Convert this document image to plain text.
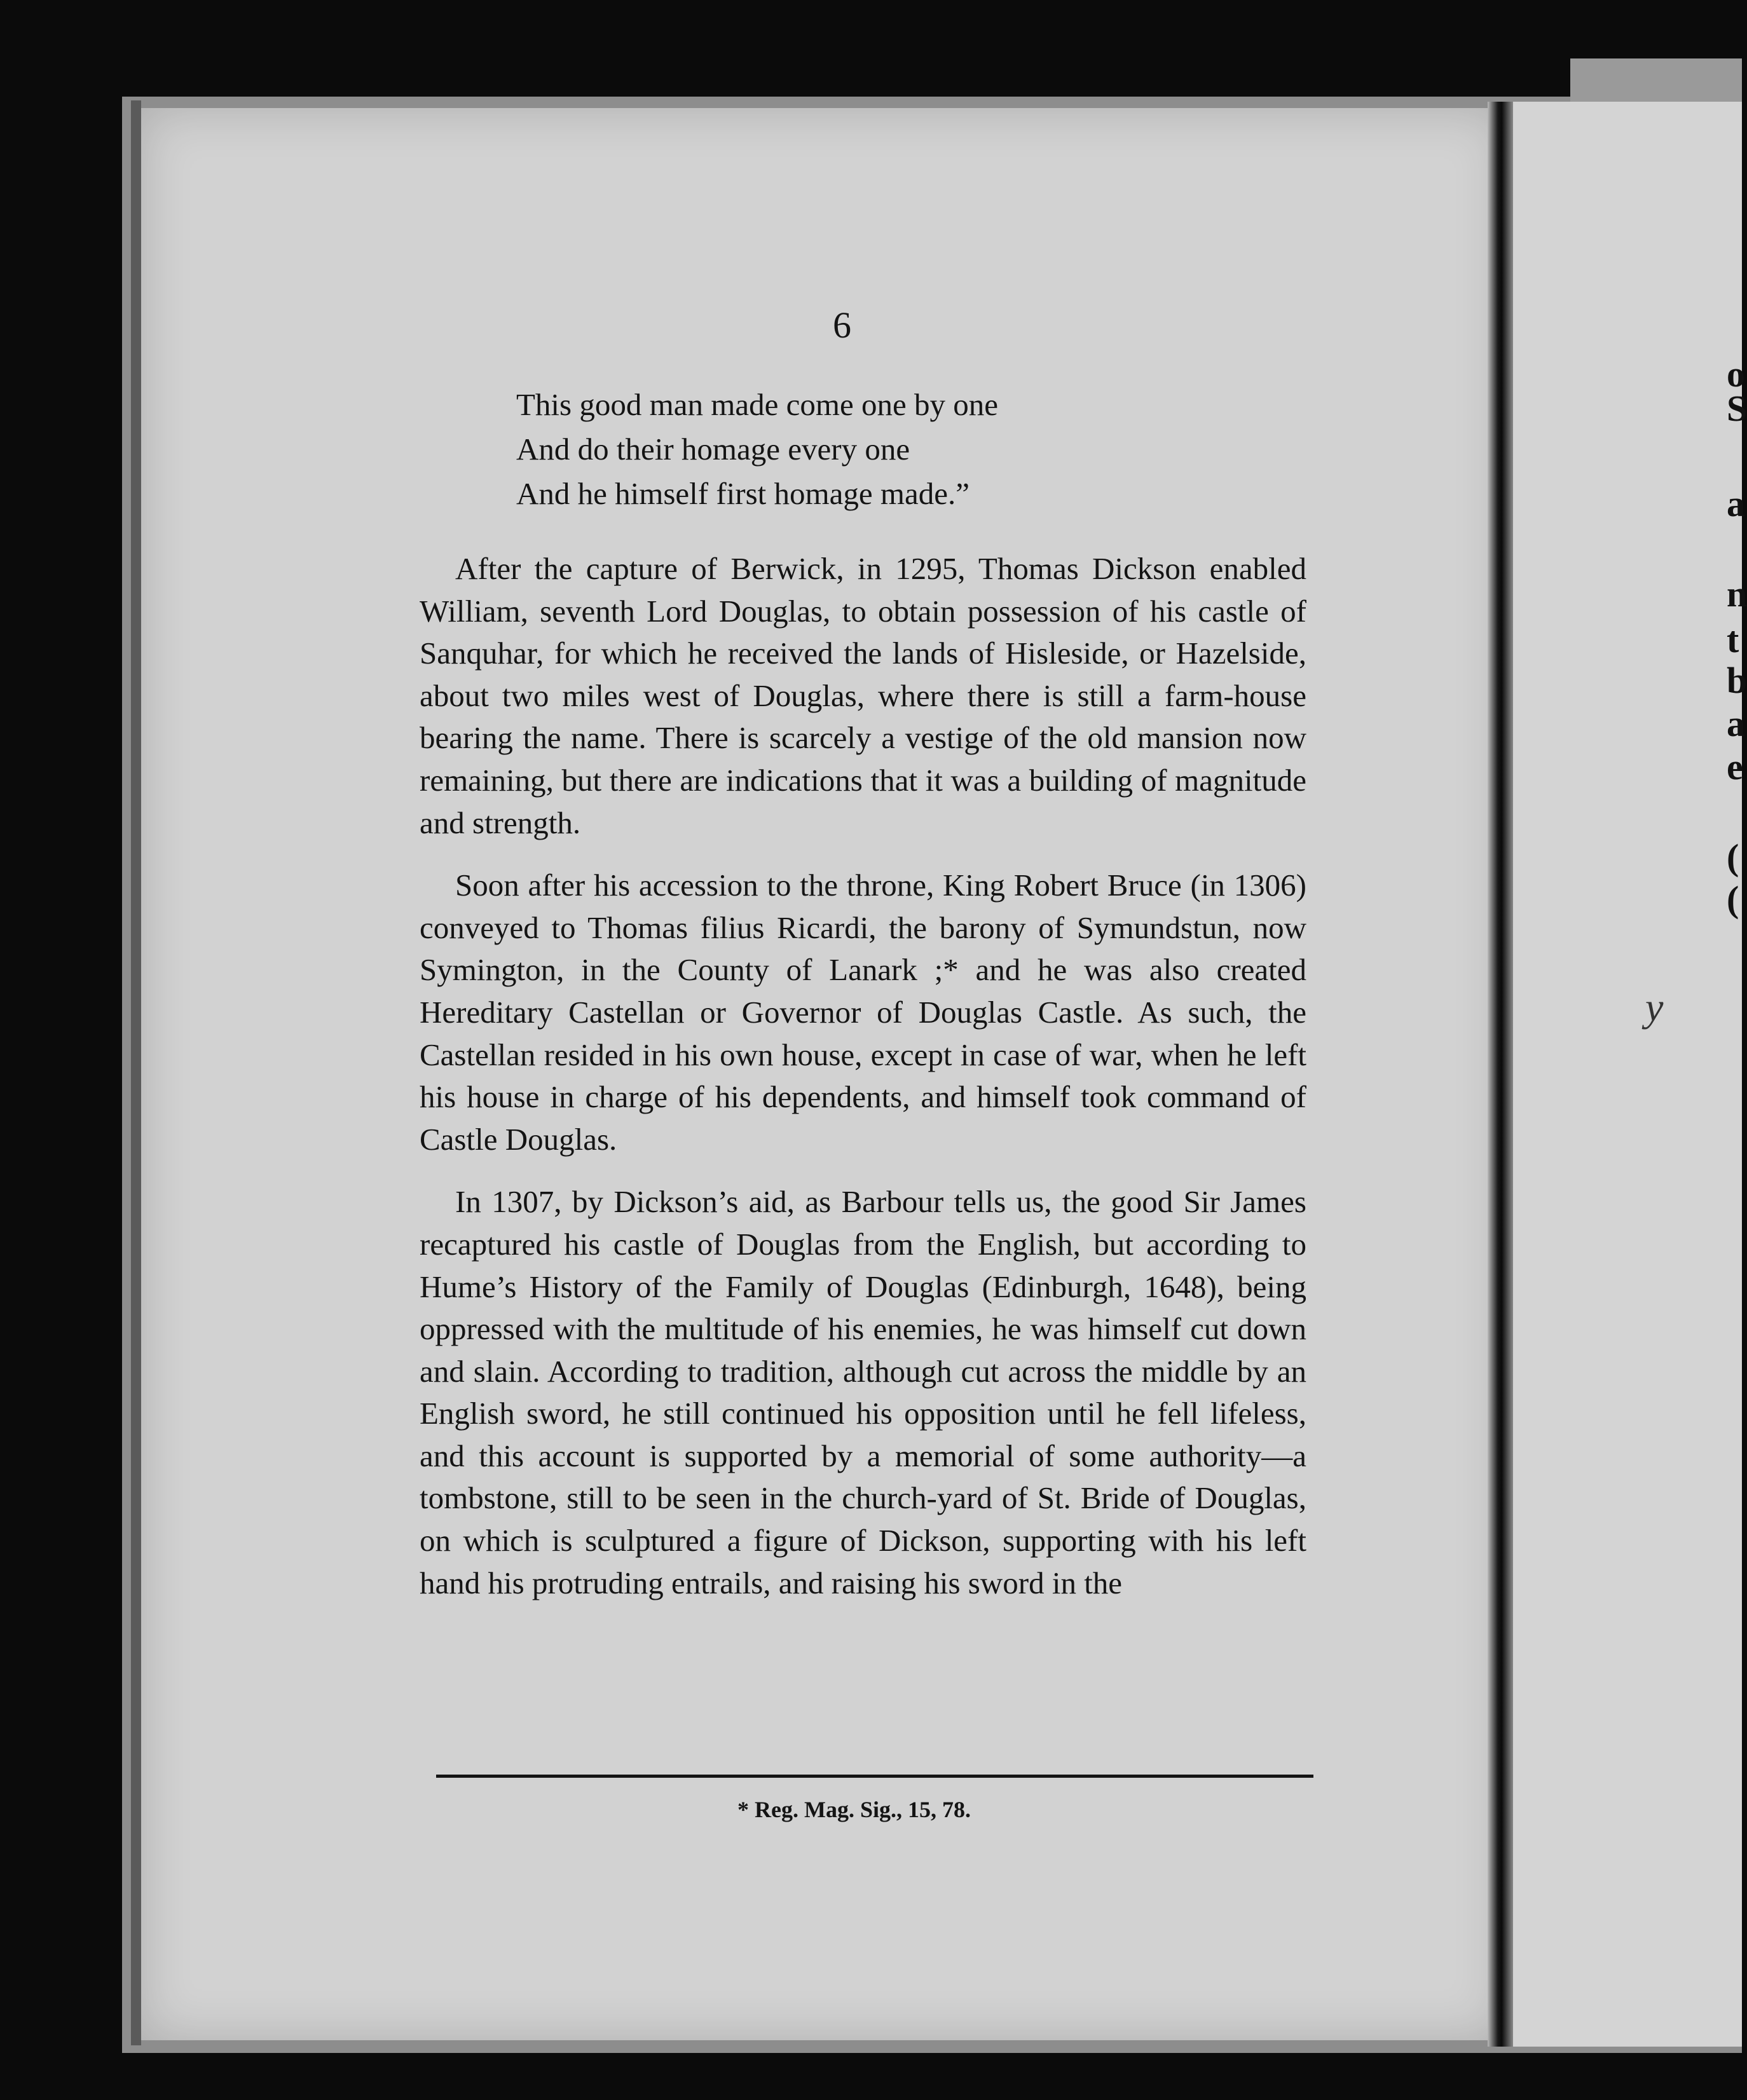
o
S
a
n
t
b
a
e
(
(
y
6
This good man made come one by one
And do their homage every one
And he himself first homage made.”

After the capture of Berwick, in 1295, Thomas Dickson enabled William, seventh Lord Douglas, to obtain possession of his castle of Sanquhar, for which he received the lands of Hisleside, or Hazelside, about two miles west of Douglas, where there is still a farm-house bearing the name. There is scarcely a vestige of the old mansion now remaining, but there are indications that it was a building of magnitude and strength.

Soon after his accession to the throne, King Robert Bruce (in 1306) conveyed to Thomas filius Ricardi, the barony of Symundstun, now Symington, in the County of Lanark ;* and he was also created Hereditary Castellan or Governor of Douglas Castle. As such, the Castellan resided in his own house, except in case of war, when he left his house in charge of his dependents, and himself took command of Castle Douglas.

In 1307, by Dickson’s aid, as Barbour tells us, the good Sir James recaptured his castle of Douglas from the English, but according to Hume’s History of the Family of Douglas (Edinburgh, 1648), being oppressed with the multitude of his enemies, he was himself cut down and slain. According to tradition, although cut across the middle by an English sword, he still continued his opposition until he fell lifeless, and this account is supported by a memorial of some authority—a tombstone, still to be seen in the church-yard of St. Bride of Douglas, on which is sculptured a figure of Dickson, supporting with his left hand his protruding entrails, and raising his sword in the

* Reg. Mag. Sig., 15, 78.
